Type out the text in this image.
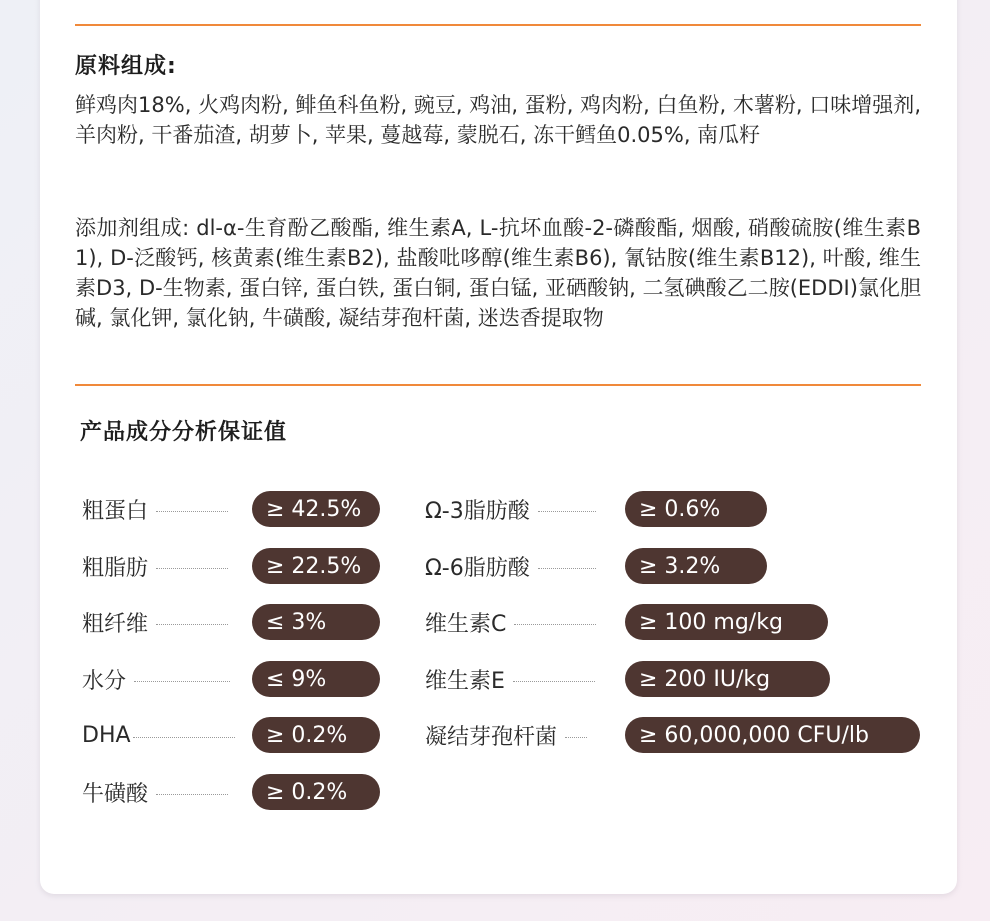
原料组成:
鲜鸡肉18%, 火鸡肉粉, 鲱鱼科鱼粉, 豌豆, 鸡油, 蛋粉, 鸡肉粉, 白鱼粉, 木薯粉, 口味增强剂, 羊肉粉, 干番茄渣, 胡萝卜, 苹果, 蔓越莓, 蒙脱石, 冻干鳕鱼0.05%, 南瓜籽
添加剂组成: dl-α-生育酚乙酸酯, 维生素A, L-抗坏血酸-2-磷酸酯, 烟酸, 硝酸硫胺(维生素B1), D-泛酸钙, 核黄素(维生素B2), 盐酸吡哆醇(维生素B6), 氰钴胺(维生素B12), 叶酸, 维生素D3, D-生物素, 蛋白锌, 蛋白铁, 蛋白铜, 蛋白锰, 亚硒酸钠, 二氢碘酸乙二胺(EDDI)氯化胆碱, 氯化钾, 氯化钠, 牛磺酸, 凝结芽孢杆菌, 迷迭香提取物
产品成分分析保证值
粗蛋白	≥ 42.5%
粗脂肪	≥ 22.5%
粗纤维	≤ 3%
水分	≤ 9%
DHA	≥ 0.2%
牛磺酸	≥ 0.2%
Ω-3脂肪酸	≥ 0.6%
Ω-6脂肪酸	≥ 3.2%
维生素C	≥ 100 mg/kg
维生素E	≥ 200 IU/kg
凝结芽孢杆菌	≥ 60,000,000 CFU/lb
